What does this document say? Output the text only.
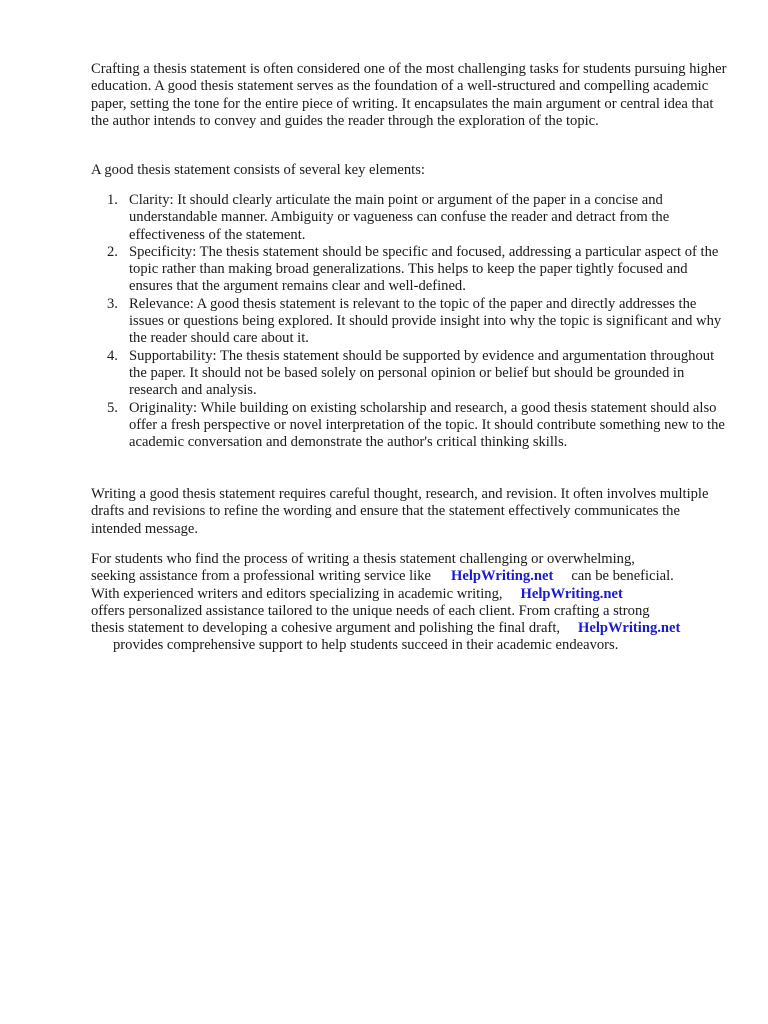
Crafting a thesis statement is often considered one of the most challenging tasks for students pursuing higher education. A good thesis statement serves as the foundation of a well-structured and compelling academic paper, setting the tone for the entire piece of writing. It encapsulates the main argument or central idea that the author intends to convey and guides the reader through the exploration of the topic.

A good thesis statement consists of several key elements:

1. Clarity: It should clearly articulate the main point or argument of the paper in a concise and understandable manner. Ambiguity or vagueness can confuse the reader and detract from the effectiveness of the statement.
2. Specificity: The thesis statement should be specific and focused, addressing a particular aspect of the topic rather than making broad generalizations. This helps to keep the paper tightly focused and ensures that the argument remains clear and well-defined.
3. Relevance: A good thesis statement is relevant to the topic of the paper and directly addresses the issues or questions being explored. It should provide insight into why the topic is significant and why the reader should care about it.
4. Supportability: The thesis statement should be supported by evidence and argumentation throughout the paper. It should not be based solely on personal opinion or belief but should be grounded in research and analysis.
5. Originality: While building on existing scholarship and research, a good thesis statement should also offer a fresh perspective or novel interpretation of the topic. It should contribute something new to the academic conversation and demonstrate the author's critical thinking skills.

Writing a good thesis statement requires careful thought, research, and revision. It often involves multiple drafts and revisions to refine the wording and ensure that the statement effectively communicates the intended message.

For students who find the process of writing a thesis statement challenging or overwhelming,
seeking assistance from a professional writing service like HelpWriting.net can be beneficial.
With experienced writers and editors specializing in academic writing, HelpWriting.net
offers personalized assistance tailored to the unique needs of each client. From crafting a strong
thesis statement to developing a cohesive argument and polishing the final draft, HelpWriting.net
provides comprehensive support to help students succeed in their academic endeavors.
